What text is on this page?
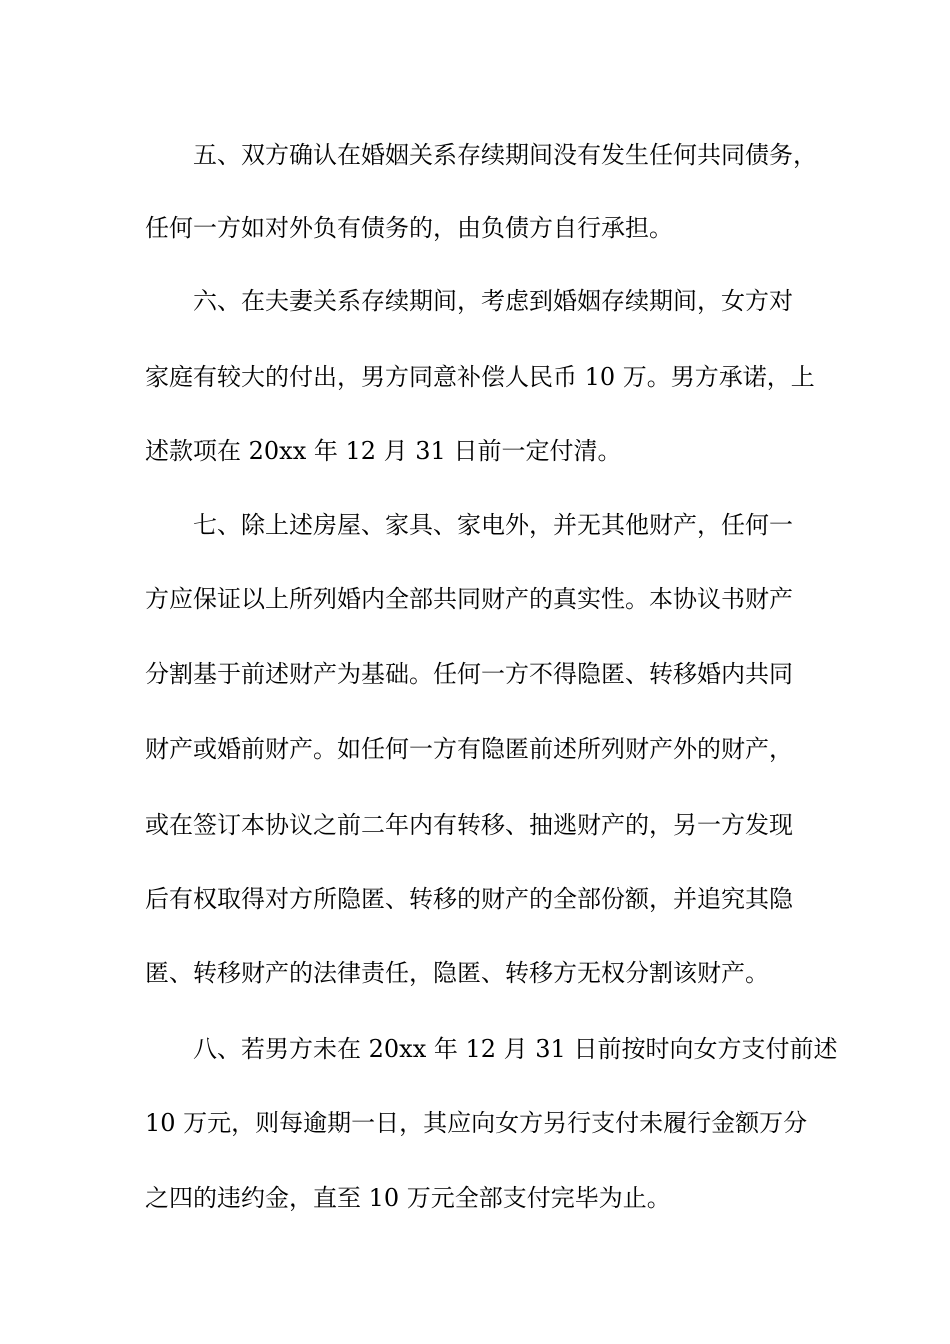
五、双方确认在婚姻关系存续期间没有发生任何共同债务，

任何一方如对外负有债务的，由负债方自行承担。

六、在夫妻关系存续期间，考虑到婚姻存续期间，女方对

家庭有较大的付出，男方同意补偿人民币 10 万。男方承诺，上

述款项在 20xx 年 12 月 31 日前一定付清。

七、除上述房屋、家具、家电外，并无其他财产，任何一

方应保证以上所列婚内全部共同财产的真实性。本协议书财产

分割基于前述财产为基础。任何一方不得隐匿、转移婚内共同

财产或婚前财产。如任何一方有隐匿前述所列财产外的财产，

或在签订本协议之前二年内有转移、抽逃财产的，另一方发现

后有权取得对方所隐匿、转移的财产的全部份额，并追究其隐

匿、转移财产的法律责任，隐匿、转移方无权分割该财产。

八、若男方未在 20xx 年 12 月 31 日前按时向女方支付前述

10 万元，则每逾期一日，其应向女方另行支付未履行金额万分

之四的违约金，直至 10 万元全部支付完毕为止。
